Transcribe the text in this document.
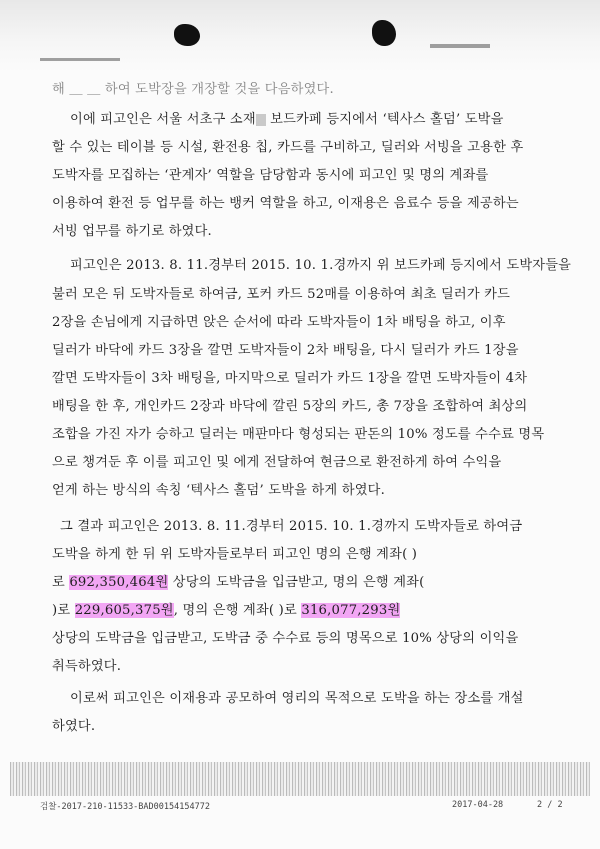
해 ＿ ＿ 하여 도박장을 개장할 것을 다음하였다.
이에 피고인은 서울 서초구 소재 보드카페 등지에서 ‘텍사스 홀덤’ 도박을
할 수 있는 테이블 등 시설, 환전용 칩, 카드를 구비하고, 딜러와 서빙을 고용한 후
도박자를 모집하는 ‘관계자’ 역할을 담당함과 동시에 피고인 및 명의 계좌를
이용하여 환전 등 업무를 하는 뱅커 역할을 하고, 이재용은 음료수 등을 제공하는
서빙 업무를 하기로 하였다.
피고인은 2013. 8. 11.경부터 2015. 10. 1.경까지 위 보드카페 등지에서 도박자들을
불러 모은 뒤 도박자들로 하여금, 포커 카드 52매를 이용하여 최초 딜러가 카드
2장을 손님에게 지급하면 앉은 순서에 따라 도박자들이 1차 배팅을 하고, 이후
딜러가 바닥에 카드 3장을 깔면 도박자들이 2차 배팅을, 다시 딜러가 카드 1장을
깔면 도박자들이 3차 배팅을, 마지막으로 딜러가 카드 1장을 깔면 도박자들이 4차
배팅을 한 후, 개인카드 2장과 바닥에 깔린 5장의 카드, 총 7장을 조합하여 최상의
조합을 가진 자가 승하고 딜러는 매판마다 형성되는 판돈의 10% 정도를 수수료 명목
으로 챙겨둔 후 이를 피고인 및 에게 전달하여 현금으로 환전하게 하여 수익을
얻게 하는 방식의 속칭 ‘텍사스 홀덤’ 도박을 하게 하였다.
그 결과 피고인은 2013. 8. 11.경부터 2015. 10. 1.경까지 도박자들로 하여금
도박을 하게 한 뒤 위 도박자들로부터 피고인 명의 은행 계좌( )
로 692,350,464원 상당의 도박금을 입금받고, 명의 은행 계좌(
)로 229,605,375원, 명의 은행 계좌( )로 316,077,293원
상당의 도박금을 입금받고, 도박금 중 수수료 등의 명목으로 10% 상당의 이익을
취득하였다.
이로써 피고인은 이재용과 공모하여 영리의 목적으로 도박을 하는 장소를 개설
하였다.
검찰-2017-210-11533-BAD00154154772	2017-04-28	2 / 2
